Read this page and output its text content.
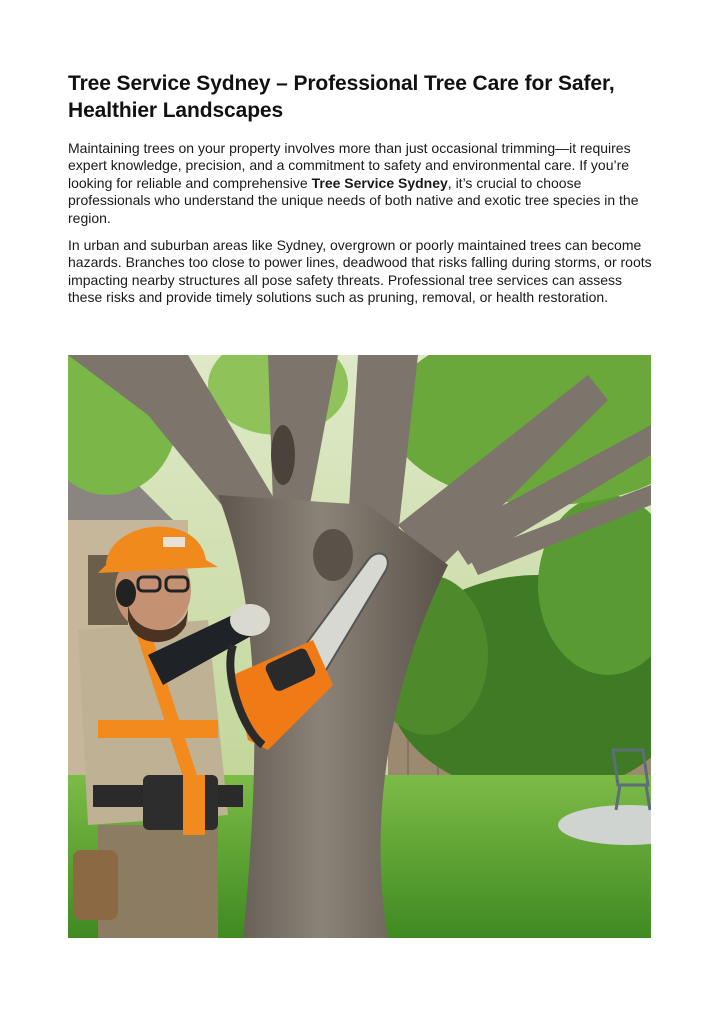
Tree Service Sydney – Professional Tree Care for Safer, Healthier Landscapes

Maintaining trees on your property involves more than just occasional trimming—it requires expert knowledge, precision, and a commitment to safety and environmental care. If you’re looking for reliable and comprehensive Tree Service Sydney, it’s crucial to choose professionals who understand the unique needs of both native and exotic tree species in the region.

In urban and suburban areas like Sydney, overgrown or poorly maintained trees can become hazards. Branches too close to power lines, deadwood that risks falling during storms, or roots impacting nearby structures all pose safety threats. Professional tree services can assess these risks and provide timely solutions such as pruning, removal, or health restoration.
